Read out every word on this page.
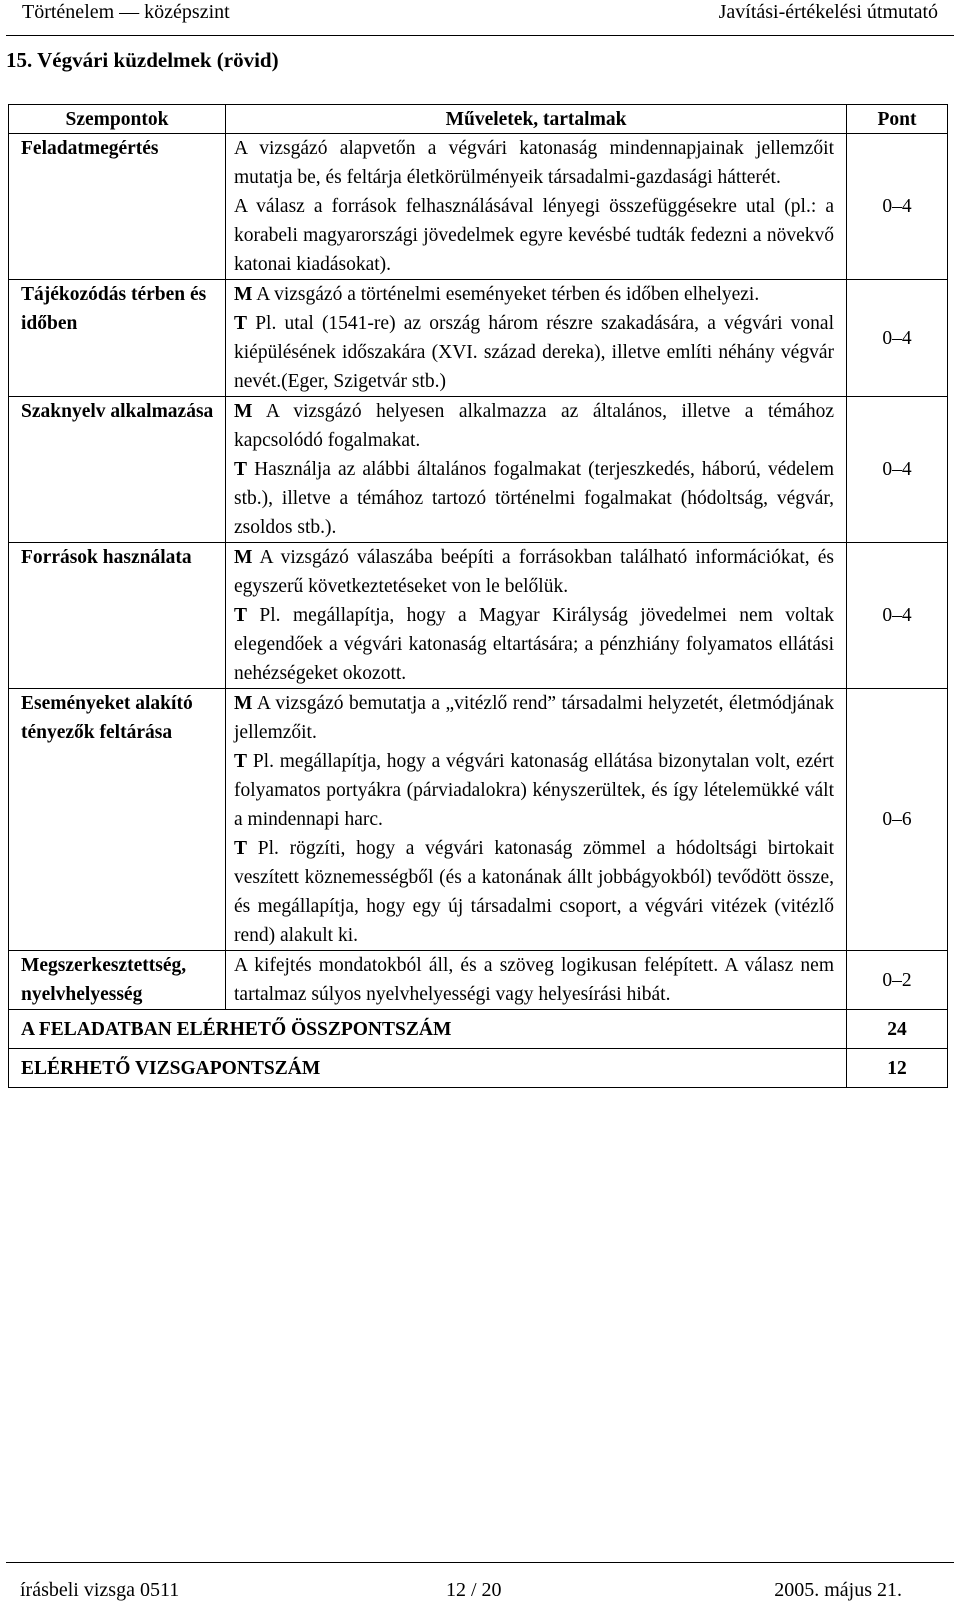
Történelem — középszint	Javítási-értékelési útmutató
15. Végvári küzdelmek (rövid)
Szempontok	Műveletek, tartalmak	Pont
Feladatmegértés	A vizsgázó alapvetőn a végvári katonaság mindennapjainak jellemzőit mutatja be, és feltárja életkörülményeik társadalmi-gazdasági hátterét.

A válasz a források felhasználásával lényegi összefüggésekre utal (pl.: a korabeli magyarországi jövedelmek egyre kevésbé tudták fedezni a növekvő katonai kiadásokat).	0–4
Tájékozódás térben és időben	M A vizsgázó a történelmi eseményeket térben és időben elhelyezi.

T Pl. utal (1541-re) az ország három részre szakadására, a végvári vonal kiépülésének időszakára (XVI. század dereka), illetve említi néhány végvár nevét.(Eger, Szigetvár stb.)	0–4
Szaknyelv alkalmazása	M A vizsgázó helyesen alkalmazza az általános, illetve a témához kapcsolódó fogalmakat.

T Használja az alábbi általános fogalmakat (terjeszkedés, háború, védelem stb.), illetve a témához tartozó történelmi fogalmakat (hódoltság, végvár, zsoldos stb.).	0–4
Források használata	M A vizsgázó válaszába beépíti a forrásokban található információkat, és egyszerű következtetéseket von le belőlük.

T Pl. megállapítja, hogy a Magyar Királyság jövedelmei nem voltak elegendőek a végvári katonaság eltartására; a pénzhiány folyamatos ellátási nehézségeket okozott.	0–4
Eseményeket alakító tényezők feltárása	M A vizsgázó bemutatja a „vitézlő rend” társadalmi helyzetét, életmódjának jellemzőit.

T Pl. megállapítja, hogy a végvári katonaság ellátása bizonytalan volt, ezért folyamatos portyákra (párviadalokra) kényszerültek, és így lételemükké vált a mindennapi harc.

T Pl. rögzíti, hogy a végvári katonaság zömmel a hódoltsági birtokait veszített köznemességből (és a katonának állt jobbágyokból) tevődött össze, és megállapítja, hogy egy új társadalmi csoport, a végvári vitézek (vitézlő rend) alakult ki.	0–6
Megszerkesztettség, nyelvhelyesség	A kifejtés mondatokból áll, és a szöveg logikusan felépített. A válasz nem tartalmaz súlyos nyelvhelyességi vagy helyesírási hibát.	0–2
A FELADATBAN ELÉRHETŐ ÖSSZPONTSZÁM		24
ELÉRHETŐ VIZSGAPONTSZÁM		12
írásbeli vizsga 0511	12 / 20	2005. május 21.
